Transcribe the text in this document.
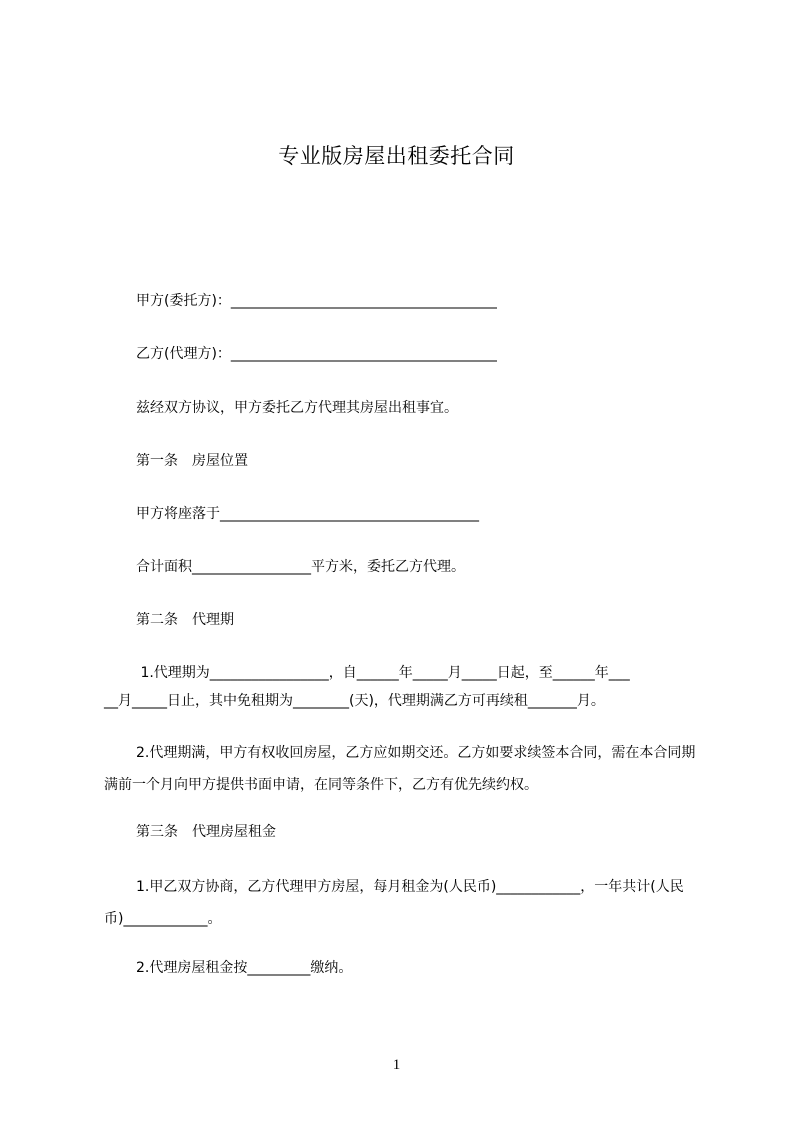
专业版房屋出租委托合同
甲方(委托方)：______________________________________
乙方(代理方)：______________________________________
兹经双方协议，甲方委托乙方代理其房屋出租事宜。
第一条　房屋位置
甲方将座落于_____________________________________
合计面积_________________平方米，委托乙方代理。
第二条　代理期
1.代理期为_________________，自______年_____月_____日起，至______年___
__月_____日止，其中免租期为________(天)，代理期满乙方可再续租_______月。
2.代理期满，甲方有权收回房屋，乙方应如期交还。乙方如要求续签本合同，需在本合同期满前一个月向甲方提供书面申请，在同等条件下，乙方有优先续约权。
第三条　代理房屋租金
1.甲乙双方协商，乙方代理甲方房屋，每月租金为(人民币)____________，一年共计(人民币)____________。
2.代理房屋租金按_________缴纳。
1
